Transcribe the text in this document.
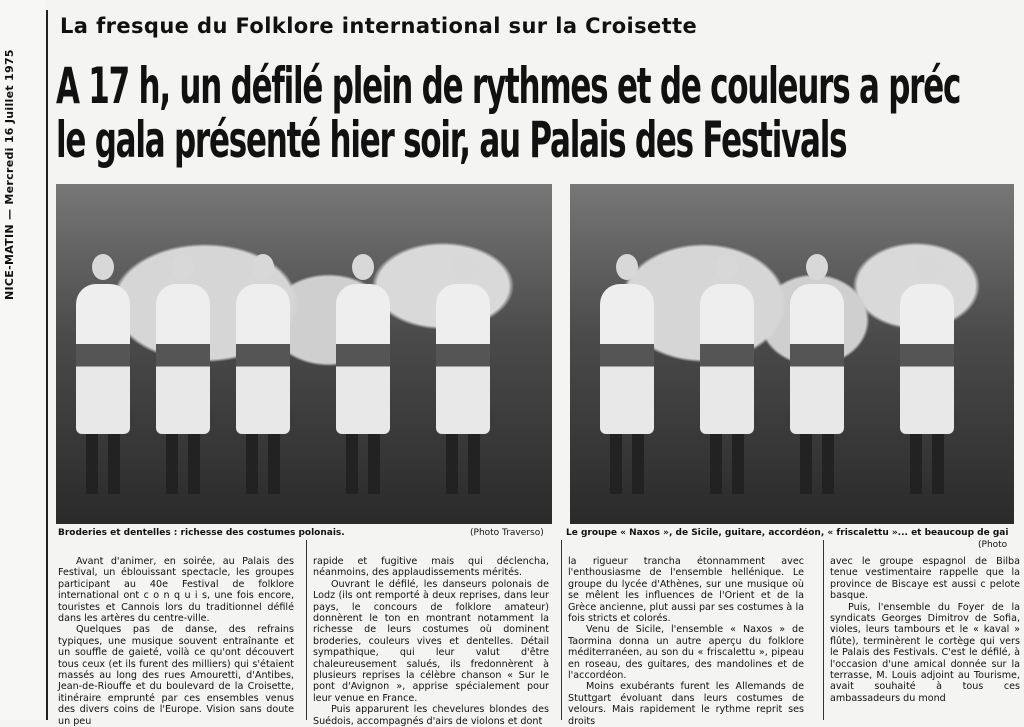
NICE-MATIN — Mercredi 16 Juillet 1975
La fresque du Folklore international sur la Croisette
A 17 h, un défilé plein de rythmes et de couleurs a préc
le gala présenté hier soir, au Palais des Festivals
Broderies et dentelles : richesse des costumes polonais.	(Photo Traverso)	Le groupe « Naxos », de Sicile, guitare, accordéon, « friscalettu »... et beaucoup de gai
(Photo

Avant d'animer, en soirée, au Palais des Festival, un éblouissant spectacle, les groupes participant au 40e Festival de folklore international ont c o n q u i s, une fois encore, touristes et Cannois lors du traditionnel défilé dans les artères du centre-ville.

Quelques pas de danse, des refrains typiques, une musique souvent entraînante et un souffle de gaieté, voilà ce qu'ont découvert tous ceux (et ils furent des milliers) qui s'étaient massés au long des rues Amouretti, d'Antibes, Jean-de-Riouffe et du boulevard de la Croisette, itinéraire emprunté par ces ensembles venus des divers coins de l'Europe. Vision sans doute un peu

rapide et fugitive mais qui déclencha, néanmoins, des applaudissements mérités.

Ouvrant le défilé, les danseurs polonais de Lodz (ils ont remporté à deux reprises, dans leur pays, le concours de folklore amateur) donnèrent le ton en montrant notamment la richesse de leurs costumes où dominent broderies, couleurs vives et dentelles. Détail sympathique, qui leur valut d'être chaleureusement salués, ils fredonnèrent à plusieurs reprises la célèbre chanson « Sur le pont d'Avignon », apprise spécialement pour leur venue en France.

Puis apparurent les chevelures blondes des Suédois, accompagnés d'airs de violons et dont

la rigueur trancha étonnamment avec l'enthousiasme de l'ensemble hellénique. Le groupe du lycée d'Athènes, sur une musique où se mêlent les influences de l'Orient et de la Grèce ancienne, plut aussi par ses costumes à la fois stricts et colorés.

Venu de Sicile, l'ensemble « Naxos » de Taormina donna un autre aperçu du folklore méditerranéen, au son du « friscalettu », pipeau en roseau, des guitares, des mandolines et de l'accordéon.

Moins exubérants furent les Allemands de Stuttgart évoluant dans leurs costumes de velours. Mais rapidement le rythme reprit ses droits

avec le groupe espagnol de Bilba tenue vestimentaire rappelle que la province de Biscaye est aussi c pelote basque.

Puis, l'ensemble du Foyer de la syndicats Georges Dimitrov de Sofia, violes, leurs tambours et le « kaval » flûte), terminèrent le cortège qui vers le Palais des Festivals. C'est le défilé, à l'occasion d'une amical donnée sur la terrasse, M. Louis adjoint au Tourisme, avait souhaité à tous ces ambassadeurs du mond
